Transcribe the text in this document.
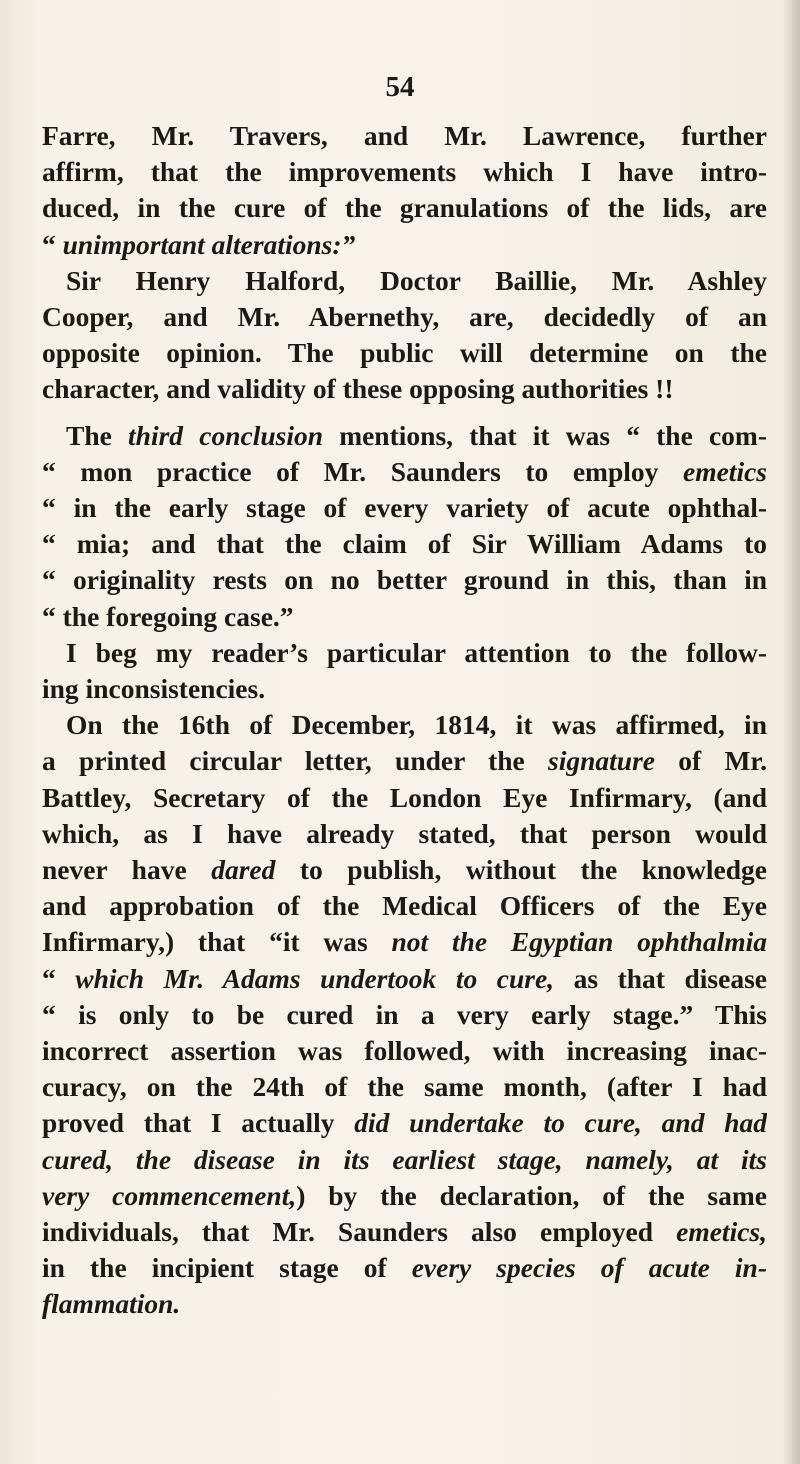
54
Farre, Mr. Travers, and Mr. Lawrence, further
affirm, that the improvements which I have intro-
duced, in the cure of the granulations of the lids, are
“ unimportant alterations:”
Sir Henry Halford, Doctor Baillie, Mr. Ashley
Cooper, and Mr. Abernethy, are, decidedly of an
opposite opinion. The public will determine on the
character, and validity of these opposing authorities !!
The third conclusion mentions, that it was “ the com-
“ mon practice of Mr. Saunders to employ emetics
“ in the early stage of every variety of acute ophthal-
“ mia; and that the claim of Sir William Adams to
“ originality rests on no better ground in this, than in
“ the foregoing case.”
I beg my reader’s particular attention to the follow-
ing inconsistencies.
On the 16th of December, 1814, it was affirmed, in
a printed circular letter, under the signature of Mr.
Battley, Secretary of the London Eye Infirmary, (and
which, as I have already stated, that person would
never have dared to publish, without the knowledge
and approbation of the Medical Officers of the Eye
Infirmary,) that “it was not the Egyptian ophthalmia
“ which Mr. Adams undertook to cure, as that disease
“ is only to be cured in a very early stage.” This
incorrect assertion was followed, with increasing inac-
curacy, on the 24th of the same month, (after I had
proved that I actually did undertake to cure, and had
cured, the disease in its earliest stage, namely, at its
very commencement,) by the declaration, of the same
individuals, that Mr. Saunders also employed emetics,
in the incipient stage of every species of acute in-
flammation.
